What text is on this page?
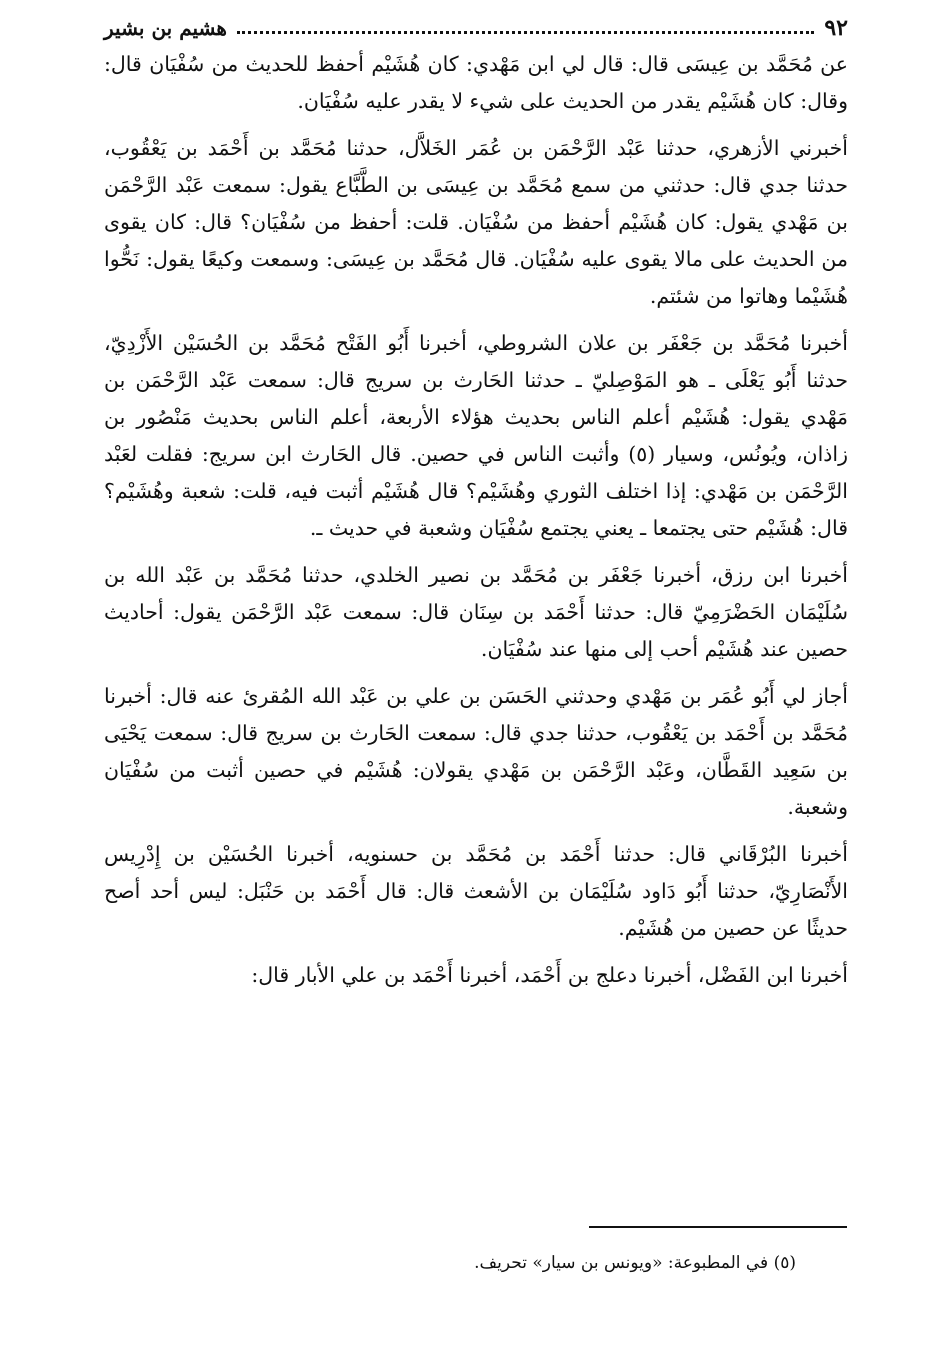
٩٢
هشيم بن بشير

عن مُحَمَّد بن عِيسَى قال: قال لي ابن مَهْدي: كان هُشَيْم أحفظ للحديث من سُفْيَان قال: وقال: كان هُشَيْم يقدر من الحديث على شيء لا يقدر عليه سُفْيَان.

أخبرني الأزهري، حدثنا عَبْد الرَّحْمَن بن عُمَر الخَلاَّل، حدثنا مُحَمَّد بن أَحْمَد بن يَعْقُوب، حدثنا جدي قال: حدثني من سمع مُحَمَّد بن عِيسَى بن الطَّبَّاع يقول: سمعت عَبْد الرَّحْمَن بن مَهْدي يقول: كان هُشَيْم أحفظ من سُفْيَان. قلت: أحفظ من سُفْيَان؟ قال: كان يقوى من الحديث على مالا يقوى عليه سُفْيَان. قال مُحَمَّد بن عِيسَى: وسمعت وكيعًا يقول: نَحُّوا هُشَيْما وهاتوا من شئتم.

أخبرنا مُحَمَّد بن جَعْفَر بن علان الشروطي، أخبرنا أَبُو الفَتْح مُحَمَّد بن الحُسَيْن الأَزْدِيّ، حدثنا أَبُو يَعْلَى ـ هو المَوْصِليّ ـ حدثنا الحَارث بن سريج قال: سمعت عَبْد الرَّحْمَن بن مَهْدي يقول: هُشَيْم أعلم الناس بحديث هؤلاء الأربعة، أعلم الناس بحديث مَنْصُور بن زاذان، ويُونُس، وسيار (٥) وأثبت الناس في حصين. قال الحَارث ابن سريج: فقلت لعَبْد الرَّحْمَن بن مَهْدي: إذا اختلف الثوري وهُشَيْم؟ قال هُشَيْم أثبت فيه، قلت: شعبة وهُشَيْم؟ قال: هُشَيْم حتى يجتمعا ـ يعني يجتمع سُفْيَان وشعبة في حديث ـ.

أخبرنا ابن رزق، أخبرنا جَعْفَر بن مُحَمَّد بن نصير الخلدي، حدثنا مُحَمَّد بن عَبْد الله بن سُلَيْمَان الحَضْرَمِيّ قال: حدثنا أَحْمَد بن سِنَان قال: سمعت عَبْد الرَّحْمَن يقول: أحاديث حصين عند هُشَيْم أحب إلى منها عند سُفْيَان.

أجاز لي أَبُو عُمَر بن مَهْدي وحدثني الحَسَن بن علي بن عَبْد الله المُقرئ عنه قال: أخبرنا مُحَمَّد بن أَحْمَد بن يَعْقُوب، حدثنا جدي قال: سمعت الحَارث بن سريج قال: سمعت يَحْيَى بن سَعِيد القَطَّان، وعَبْد الرَّحْمَن بن مَهْدي يقولان: هُشَيْم في حصين أثبت من سُفْيَان وشعبة.

أخبرنا البُرْقَاني قال: حدثنا أَحْمَد بن مُحَمَّد بن حسنويه، أخبرنا الحُسَيْن بن إِدْرِيس الأَنْصَارِيّ، حدثنا أَبُو دَاود سُلَيْمَان بن الأشعث قال: قال أَحْمَد بن حَنْبَل: ليس أحد أصح حديثًا عن حصين من هُشَيْم.

أخبرنا ابن الفَضْل، أخبرنا دعلج بن أَحْمَد، أخبرنا أَحْمَد بن علي الأبار قال:

(٥) في المطبوعة: «ويونس بن سيار» تحريف.
